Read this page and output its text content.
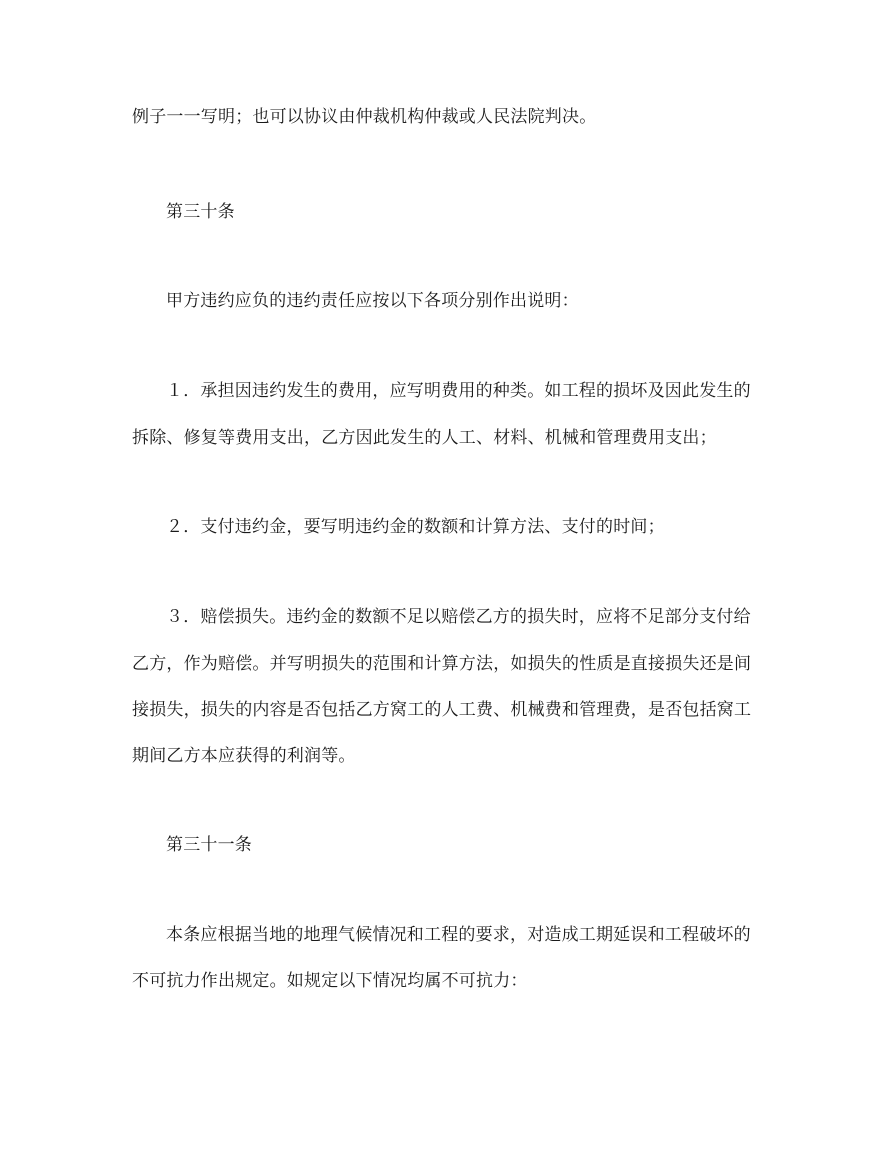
例子一一写明；也可以协议由仲裁机构仲裁或人民法院判决。
第三十条
甲方违约应负的违约责任应按以下各项分别作出说明：
１．承担因违约发生的费用，应写明费用的种类。如工程的损坏及因此发生的
拆除、修复等费用支出，乙方因此发生的人工、材料、机械和管理费用支出；
２．支付违约金，要写明违约金的数额和计算方法、支付的时间；
３．赔偿损失。违约金的数额不足以赔偿乙方的损失时，应将不足部分支付给
乙方，作为赔偿。并写明损失的范围和计算方法，如损失的性质是直接损失还是间
接损失，损失的内容是否包括乙方窝工的人工费、机械费和管理费，是否包括窝工
期间乙方本应获得的利润等。
第三十一条
本条应根据当地的地理气候情况和工程的要求，对造成工期延误和工程破坏的
不可抗力作出规定。如规定以下情况均属不可抗力：
